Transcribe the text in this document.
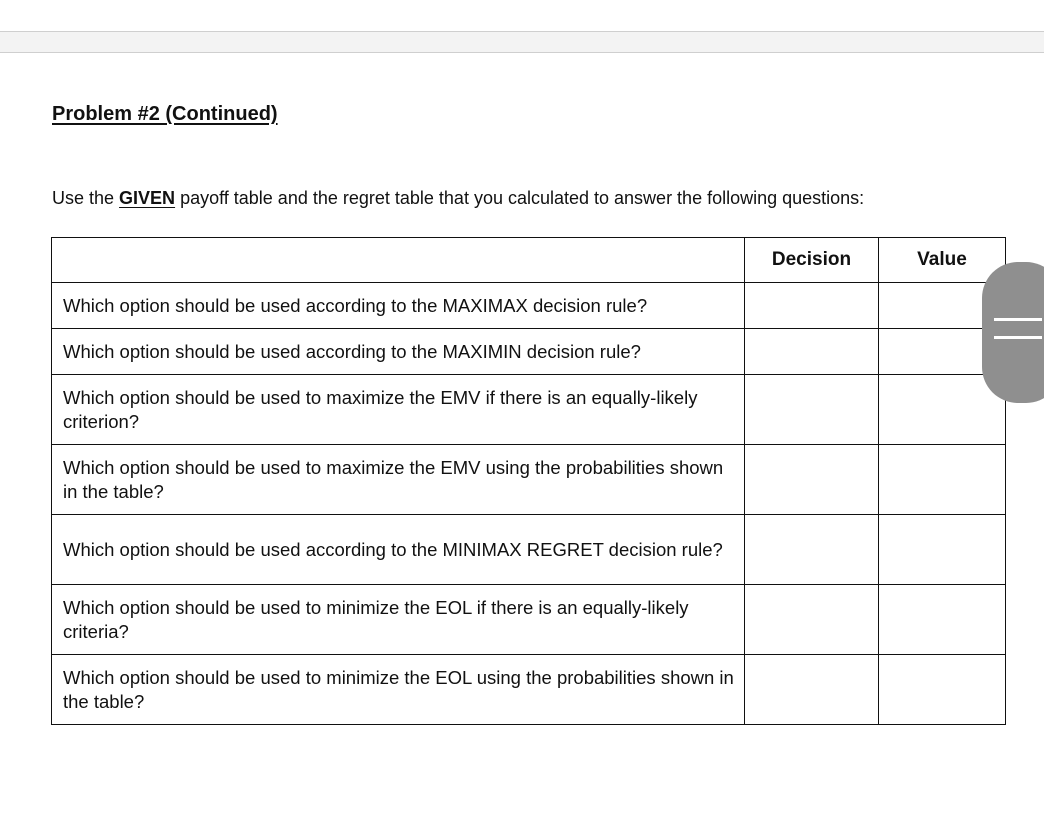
Problem #2 (Continued)
Use the GIVEN payoff table and the regret table that you calculated to answer the following questions:
	Decision	Value
Which option should be used according to the MAXIMAX decision rule?		
Which option should be used according to the MAXIMIN decision rule?		
Which option should be used to maximize the EMV if there is an equally-likely criterion?		
Which option should be used to maximize the EMV using the probabilities shown in the table?		
Which option should be used according to the MINIMAX REGRET decision rule?		
Which option should be used to minimize the EOL if there is an equally-likely criteria?		
Which option should be used to minimize the EOL using the probabilities shown in the table?		
